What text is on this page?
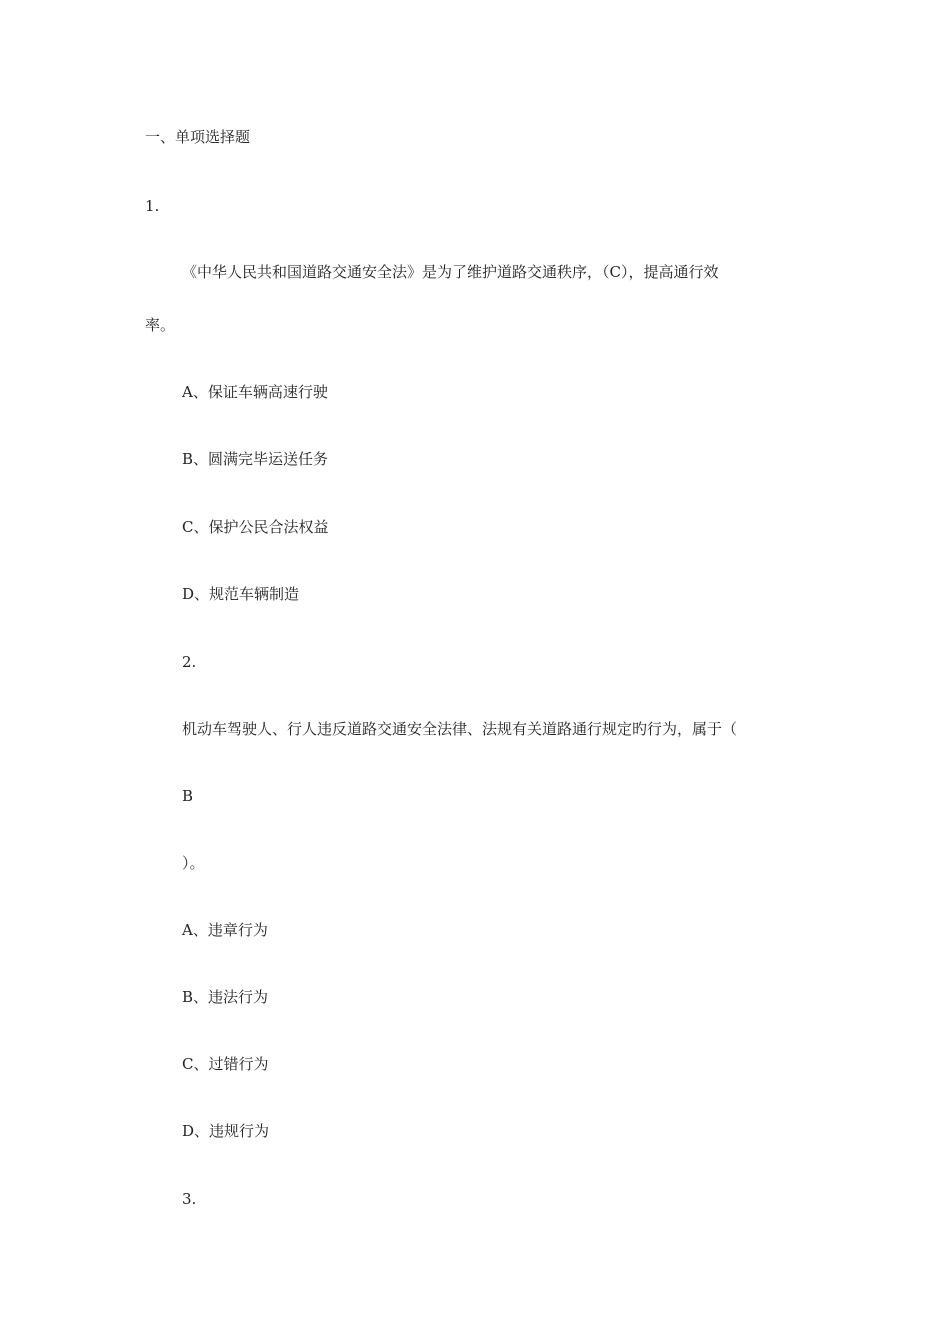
一、单项选择题
1.
《中华人民共和国道路交通安全法》是为了维护道路交通秩序，（C），提高通行效
率。
A、保证车辆高速行驶
B、圆满完毕运送任务
C、保护公民合法权益
D、规范车辆制造
2.
机动车驾驶人、行人违反道路交通安全法律、法规有关道路通行规定旳行为，属于（
B
）。
A、违章行为
B、违法行为
C、过错行为
D、违规行为
3.
